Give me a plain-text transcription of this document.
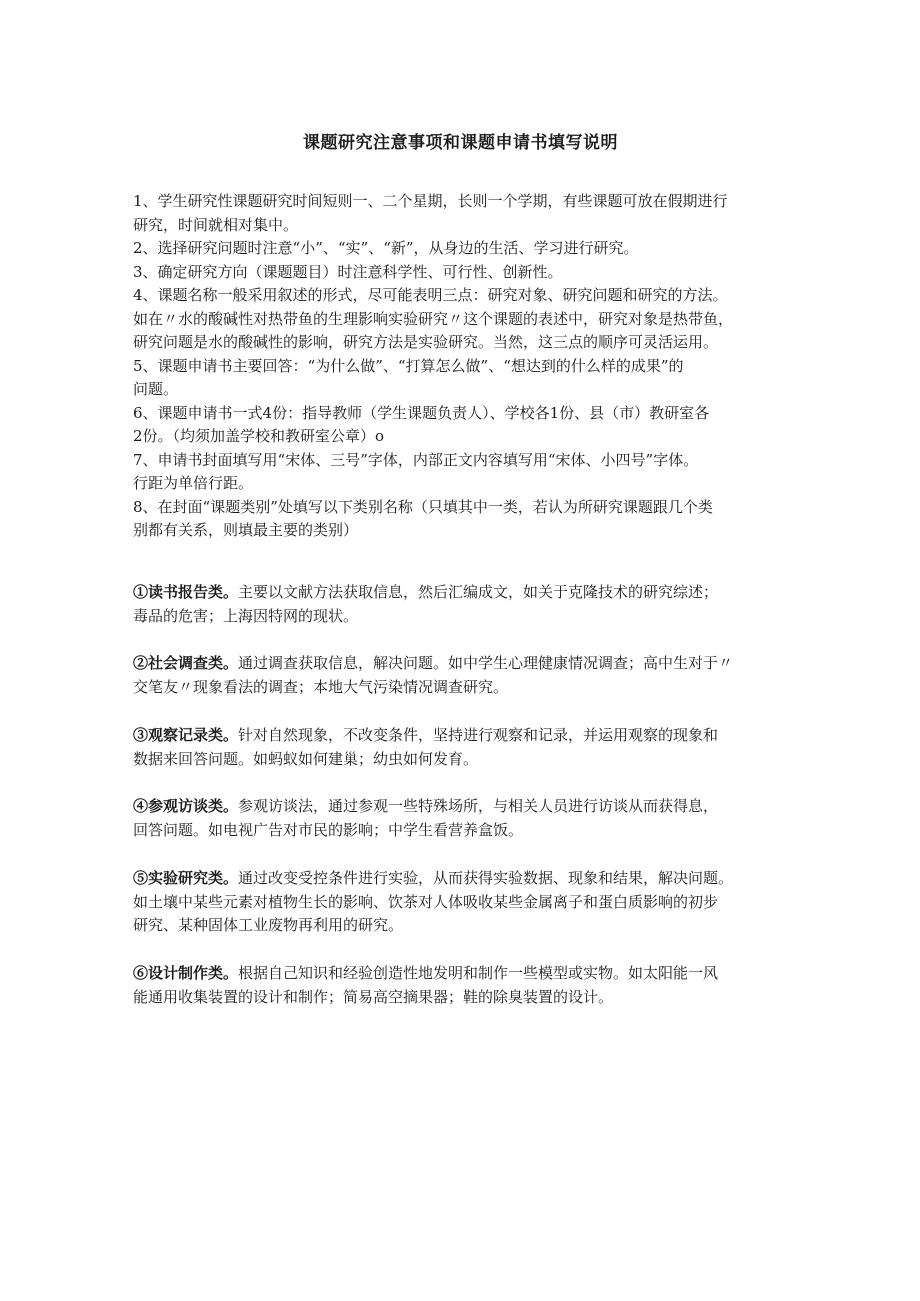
课题研究注意事项和课题申请书填写说明
1、学生研究性课题研究时间短则一、二个星期，长则一个学期，有些课题可放在假期进行
研究，时间就相对集中。
2、选择研究问题时注意“小”、“实”、“新”，从身边的生活、学习进行研究。
3、确定研究方向（课题题目）时注意科学性、可行性、创新性。
4、课题名称一般采用叙述的形式，尽可能表明三点：研究对象、研究问题和研究的方法。
如在〃水的酸碱性对热带鱼的生理影响实验研究〃这个课题的表述中，研究对象是热带鱼，
研究问题是水的酸碱性的影响，研究方法是实验研究。当然，这三点的顺序可灵活运用。
5、课题申请书主要回答：“为什么做”、“打算怎么做”、“想达到的什么样的成果”的
问题。
6、课题申请书一式4份：指导教师（学生课题负责人）、学校各1份、县（市）教研室各
2份。（均须加盖学校和教研室公章）o
7、申请书封面填写用“宋体、三号”字体，内部正文内容填写用“宋体、小四号”字体。
行距为单倍行距。
8、在封面“课题类别”处填写以下类别名称（只填其中一类，若认为所研究课题跟几个类
别都有关系，则填最主要的类别）
①读书报告类。主要以文献方法获取信息，然后汇编成文，如关于克隆技术的研究综述；
毒品的危害；上海因特网的现状。
②社会调查类。通过调查获取信息，解决问题。如中学生心理健康情况调查；高中生对于〃
交笔友〃现象看法的调查；本地大气污染情况调查研究。
③观察记录类。针对自然现象，不改变条件，坚持进行观察和记录，并运用观察的现象和
数据来回答问题。如蚂蚁如何建巢；幼虫如何发育。
④参观访谈类。参观访谈法，通过参观一些特殊场所，与相关人员进行访谈从而获得息，
回答问题。如电视广告对市民的影响；中学生看营养盒饭。
⑤实验研究类。通过改变受控条件进行实验，从而获得实验数据、现象和结果，解决问题。
如土壤中某些元素对植物生长的影响、饮茶对人体吸收某些金属离子和蛋白质影响的初步
研究、某种固体工业废物再利用的研究。
⑥设计制作类。根据自己知识和经验创造性地发明和制作一些模型或实物。如太阳能一风
能通用收集装置的设计和制作；简易高空摘果器；鞋的除臭装置的设计。
